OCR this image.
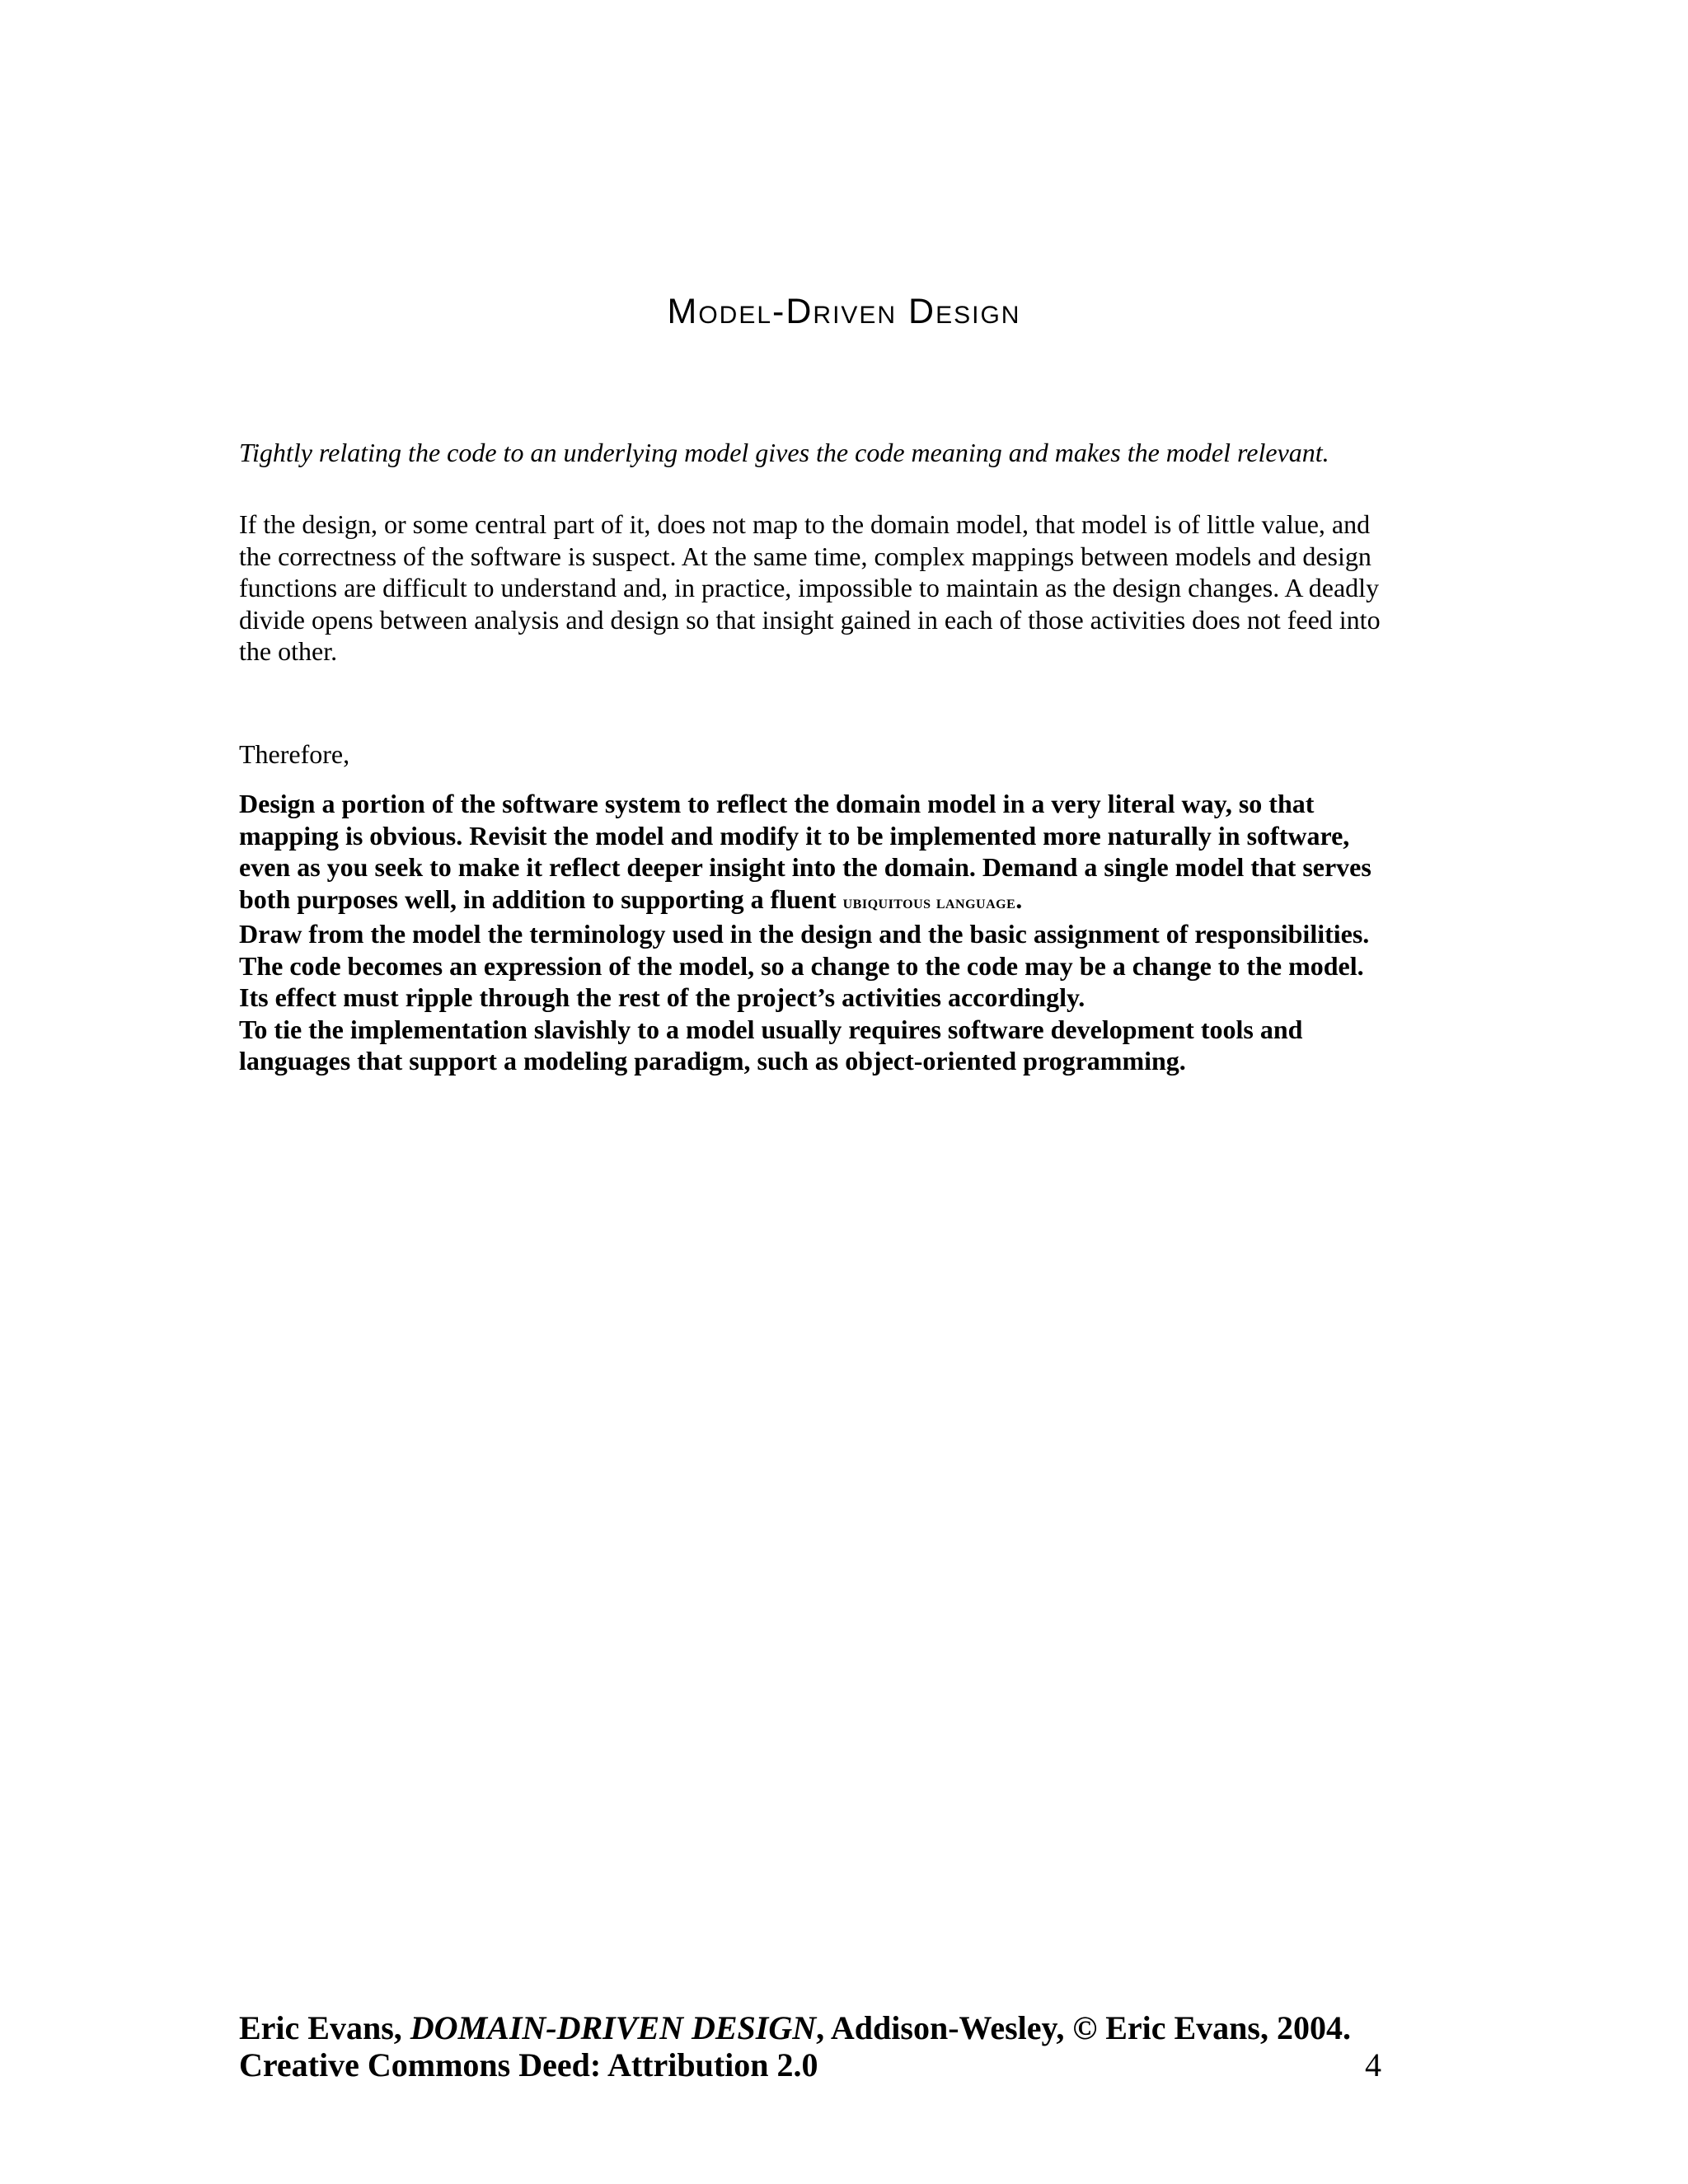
Model-Driven Design
Tightly relating the code to an underlying model gives the code meaning and makes the model relevant.
If the design, or some central part of it, does not map to the domain model, that model is of little value, and the correctness of the software is suspect. At the same time, complex mappings between models and design functions are difficult to understand and, in practice, impossible to maintain as the design changes. A deadly divide opens between analysis and design so that insight gained in each of those activities does not feed into the other.
Therefore,

Design a portion of the software system to reflect the domain model in a very literal way, so that mapping is obvious. Revisit the model and modify it to be implemented more naturally in software, even as you seek to make it reflect deeper insight into the domain. Demand a single model that serves both purposes well, in addition to supporting a fluent ubiquitous language.

Draw from the model the terminology used in the design and the basic assignment of responsibilities. The code becomes an expression of the model, so a change to the code may be a change to the model. Its effect must ripple through the rest of the project’s activities accordingly.

To tie the implementation slavishly to a model usually requires software development tools and languages that support a modeling paradigm, such as object-oriented programming.

Eric Evans, DOMAIN-DRIVEN DESIGN, Addison-Wesley, © Eric Evans, 2004.
Creative Commons Deed: Attribution 2.0	4
